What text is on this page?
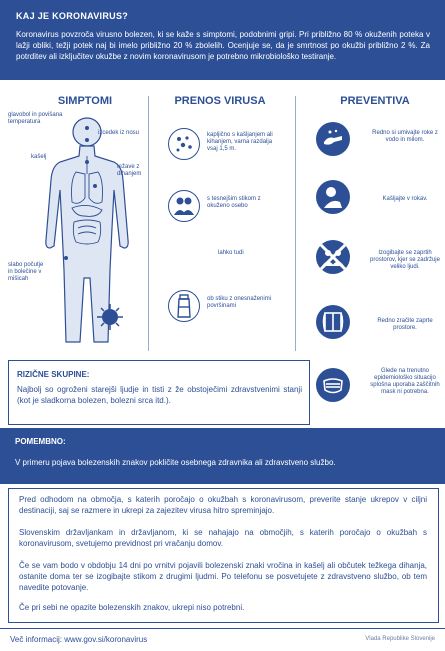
KAJ JE KORONAVIRUS?
Koronavirus povzroča virusno bolezen, ki se kaže s simptomi, podobnimi gripi. Pri približno 80 % okuženih poteka v lažji obliki, težji potek naj bi imelo približno 20 % zbolelih. Ocenjuje se, da je smrtnost po okužbi približno 2 %. Za potrditev ali izključitev okužbe z novim koronavirusom je potrebno mikrobiološko testiranje.
SIMPTOMI	PRENOS VIRUSA	PREVENTIVA
glavobol in povišana temperatura
izcedek iz nosu
kašelj
težave z dihanjem
slabo počutje in bolečine v mišicah
kapljično s kašljanjem ali kihanjem, varna razdalja vsaj 1,5 m.
s tesnejšim stikom z okuženo osebo
lahko tudi
ob stiku z onesnaženimi površinami
Redno si umivajte roke z vodo in milom.
Kašljajte v rokav.
Izogibajte se zaprtih prostorov, kjer se zadržuje veliko ljudi.
Redno zračite zaprte prostore.
Glede na trenutno epidemiološko situacijo splošna uporaba zaščitnih mask ni potrebna.
RIZIČNE SKUPINE:
Najbolj so ogroženi starejši ljudje in tisti z že obstoječimi zdravstvenimi stanji (kot je sladkorna bolezen, bolezni srca itd.).
POMEMBNO:
V primeru pojava bolezenskih znakov pokličite osebnega zdravnika ali zdravstveno službo.

Pred odhodom na območja, s katerih poročajo o okužbah s koronavirusom, preverite stanje ukrepov v ciljni destinaciji, saj se razmere in ukrepi za zajezitev virusa hitro spreminjajo.

Slovenskim državljankam in državljanom, ki se nahajajo na območjih, s katerih poročajo o okužbah s koronavirusom, svetujemo previdnost pri vračanju domov.

Če se vam bodo v obdobju 14 dni po vrnitvi pojavili bolezenski znaki vročina in kašelj ali občutek težkega dihanja, ostanite doma ter se izogibajte stikom z drugimi ljudmi. Po telefonu se posvetujete z zdravstveno službo, ob tem navedite potovanje.

Če pri sebi ne opazite bolezenskih znakov, ukrepi niso potrebni.

Več informacij: www.gov.si/koronavirus	Vlada Republike Slovenije
